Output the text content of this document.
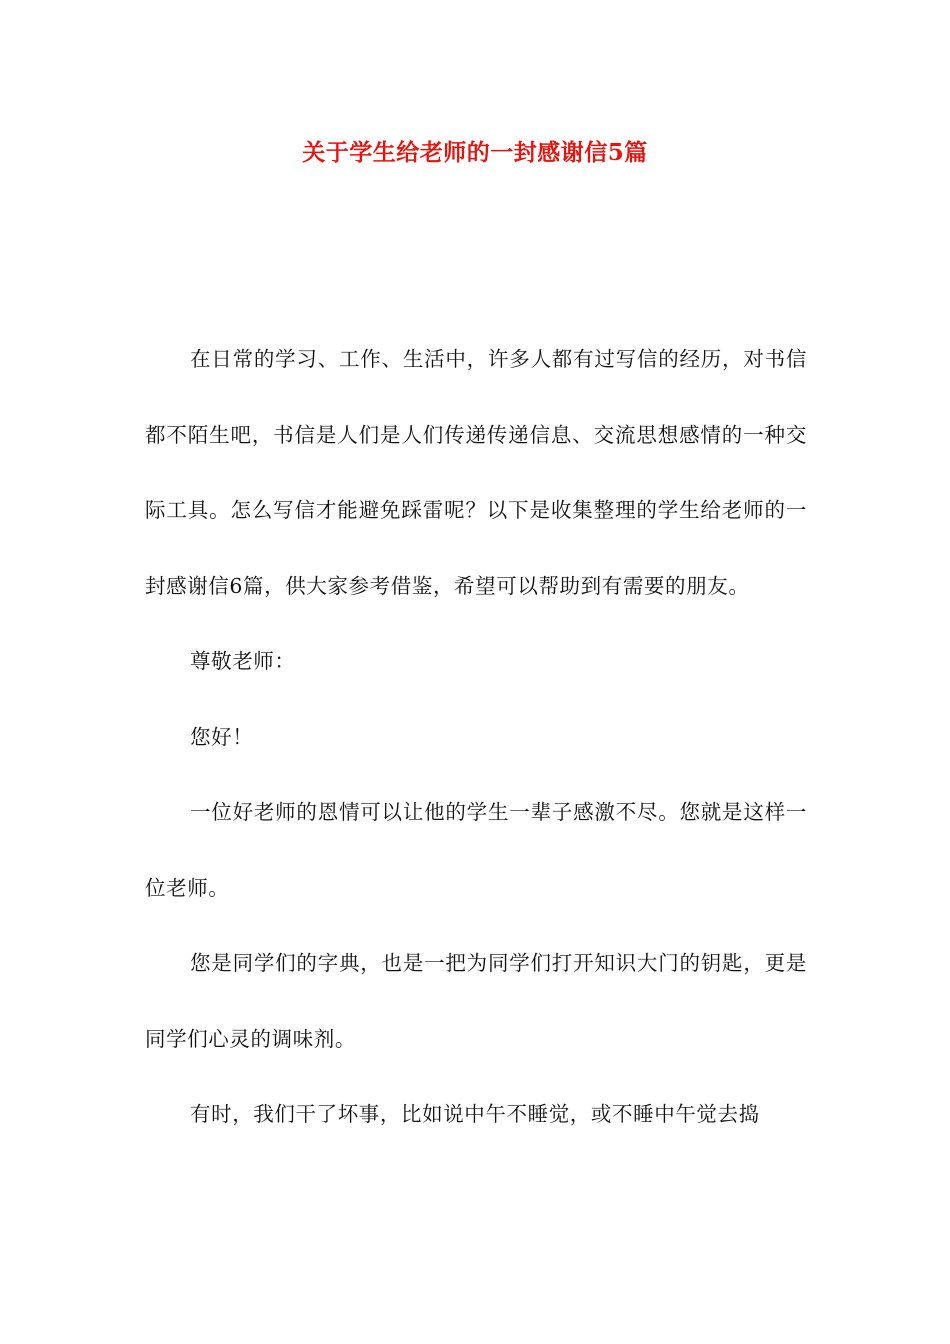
关于学生给老师的一封感谢信5篇

在日常的学习、工作、生活中，许多人都有过写信的经历，对书信都不陌生吧，书信是人们是人们传递传递信息、交流思想感情的一种交际工具。怎么写信才能避免踩雷呢？以下是收集整理的学生给老师的一封感谢信6篇，供大家参考借鉴，希望可以帮助到有需要的朋友。

尊敬老师：

您好！

一位好老师的恩情可以让他的学生一辈子感激不尽。您就是这样一位老师。

您是同学们的字典，也是一把为同学们打开知识大门的钥匙，更是同学们心灵的调味剂。

有时，我们干了坏事，比如说中午不睡觉，或不睡中午觉去捣
